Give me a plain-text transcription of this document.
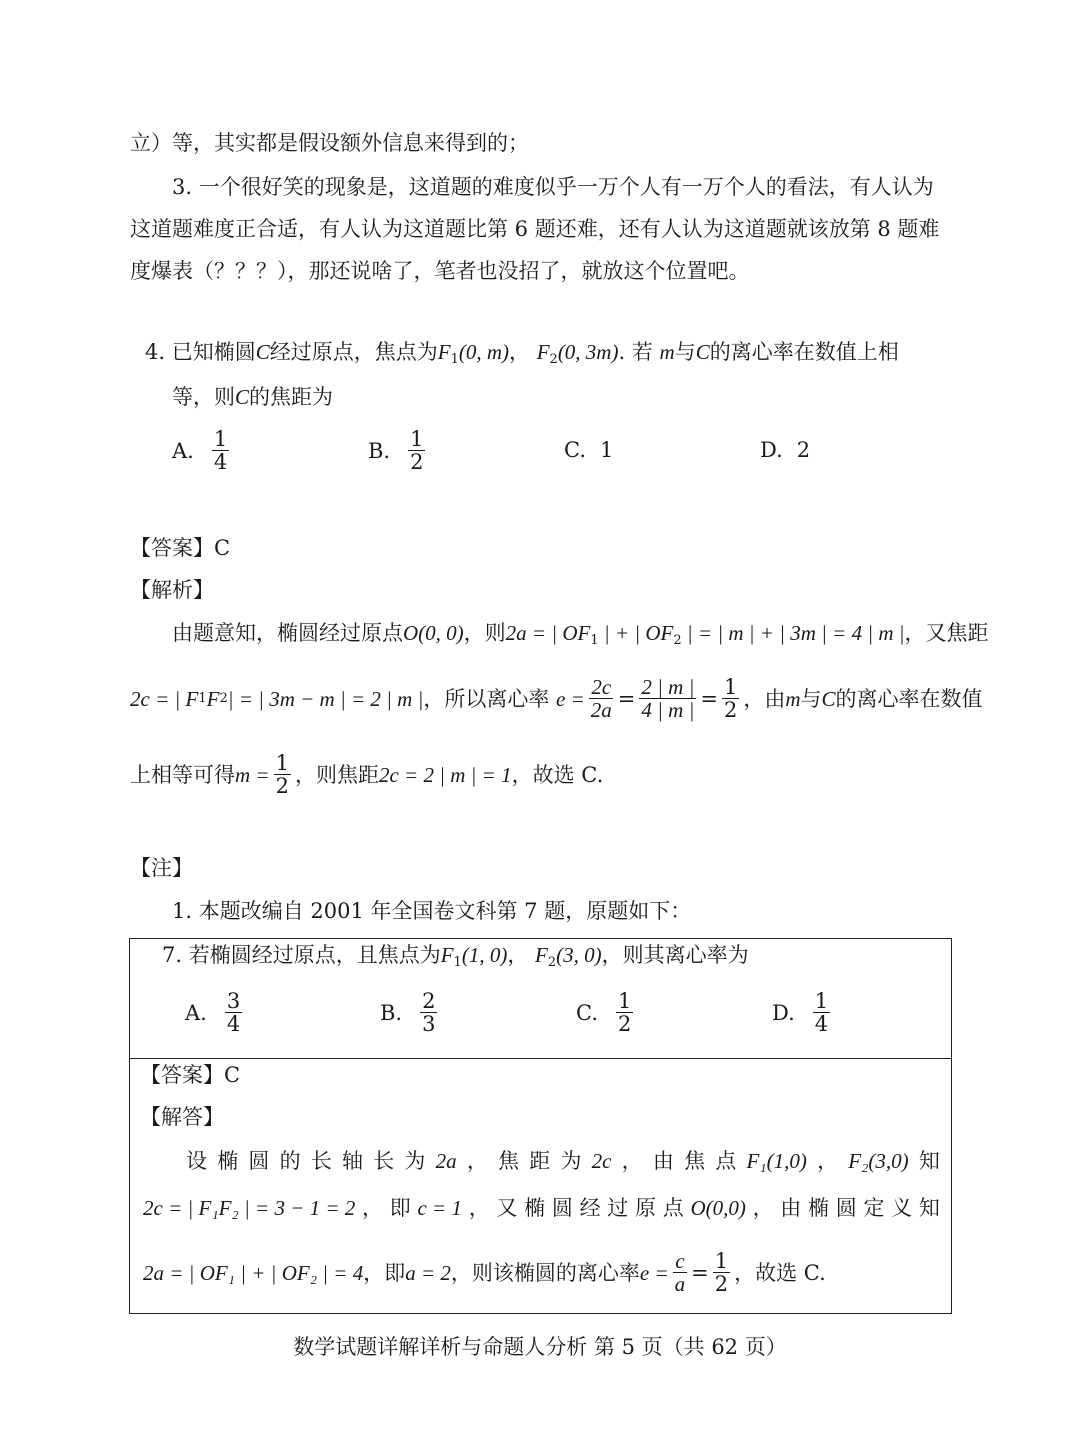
立）等，其实都是假设额外信息来得到的；
3. 一个很好笑的现象是，这道题的难度似乎一万个人有一万个人的看法，有人认为
这道题难度正合适，有人认为这道题比第 6 题还难，还有人认为这道题就该放第 8 题难
度爆表（？？？），那还说啥了，笔者也没招了，就放这个位置吧。
4. 已知椭圆C经过原点，焦点为$F_1(0$, m)， $F_2(0$, 3m). 若 m与C的离心率在数值上相
等，则C的焦距为
A. $\frac{1}{4}$	B. $\frac{1}{2}$	C. 1	D. 2
【答案】C
【解析】
由题意知，椭圆经过原点O(0, 0)，则2a = | $OF_1$ | + | $OF_2$ | = | m | + | 3m | = 4 | m |，又焦距
2c = | F 1 F 2 | = | 3m − m | = 2 | m | ，所以离心率
$e = \frac{2c}{2a} = \frac{2 | m |}{4 | m |} = \frac{1}{2}$ ，由 m 与 C 的离心率在数值
上相等可得 $m = \frac{1}{2}$ ，则焦距 2c = 2 | m | = 1 ，故选 C.
【注】
1. 本题改编自 2001 年全国卷文科第 7 题，原题如下：
7. 若椭圆经过原点，且焦点为$F_1(1$, 0)， $F_2(3$, 0)，则其离心率为
A. $\frac{3}{4}$	B. $\frac{2}{3}$	C. $\frac{1}{2}$	D. $\frac{1}{4}$
【答案】C
【解答】
设 椭 圆 的 长 轴 长 为 2a ， 焦 距 为 2c ， 由 焦 点 F₁(1,0) ， F₂(3,0) 知
2c = | F₁F₂ | = 3 − 1 = 2 ， 即 c = 1 ， 又 椭 圆 经 过 原 点 O(0,0) ， 由 椭 圆 定 义 知
2a = | OF₁ | + | OF₂ | = 4 ，即 a = 2 ，则该椭圆的离心率 $e = \frac{c}{a} = \frac{1}{2}$ ，故选 C.
数学试题详解详析与命题人分析 第 5 页（共 62 页）
